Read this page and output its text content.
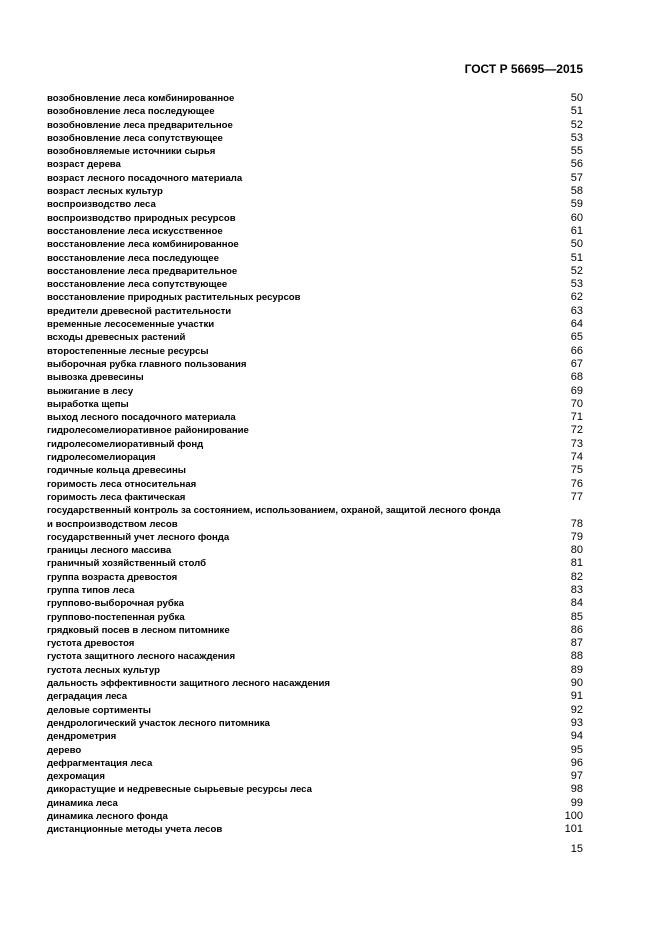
ГОСТ Р 56695—2015
возобновление леса комбинированное	50
возобновление леса последующее	51
возобновление леса предварительное	52
возобновление леса сопутствующее	53
возобновляемые источники сырья	55
возраст дерева	56
возраст лесного посадочного материала	57
возраст лесных культур	58
воспроизводство леса	59
воспроизводство природных ресурсов	60
восстановление леса искусственное	61
восстановление леса комбинированное	50
восстановление леса последующее	51
восстановление леса предварительное	52
восстановление леса сопутствующее	53
восстановление природных растительных ресурсов	62
вредители древесной растительности	63
временные лесосеменные участки	64
всходы древесных растений	65
второстепенные лесные ресурсы	66
выборочная рубка главного пользования	67
вывозка древесины	68
выжигание в лесу	69
выработка щепы	70
выход лесного посадочного материала	71
гидролесомелиоративное районирование	72
гидролесомелиоративный фонд	73
гидролесомелиорация	74
годичные кольца древесины	75
горимость леса относительная	76
горимость леса фактическая	77
государственный контроль за состоянием, использованием, охраной, защитой лесного фонда
и воспроизводством лесов	78
государственный учет лесного фонда	79
границы лесного массива	80
граничный хозяйственный столб	81
группа возраста древостоя	82
группа типов леса	83
групповo-выборочная рубка	84
группово-постепенная рубка	85
грядковый посев в лесном питомнике	86
густота древостоя	87
густота защитного лесного насаждения	88
густота лесных культур	89
дальность эффективности защитного лесного насаждения	90
деградация леса	91
деловые сортименты	92
дендрологический участок лесного питомника	93
дендрометрия	94
дерево	95
дефрагментация леса	96
дехромация	97
дикорастущие и недревесные сырьевые ресурсы леса	98
динамика леса	99
динамика лесного фонда	100
дистанционные методы учета лесов	101
15
